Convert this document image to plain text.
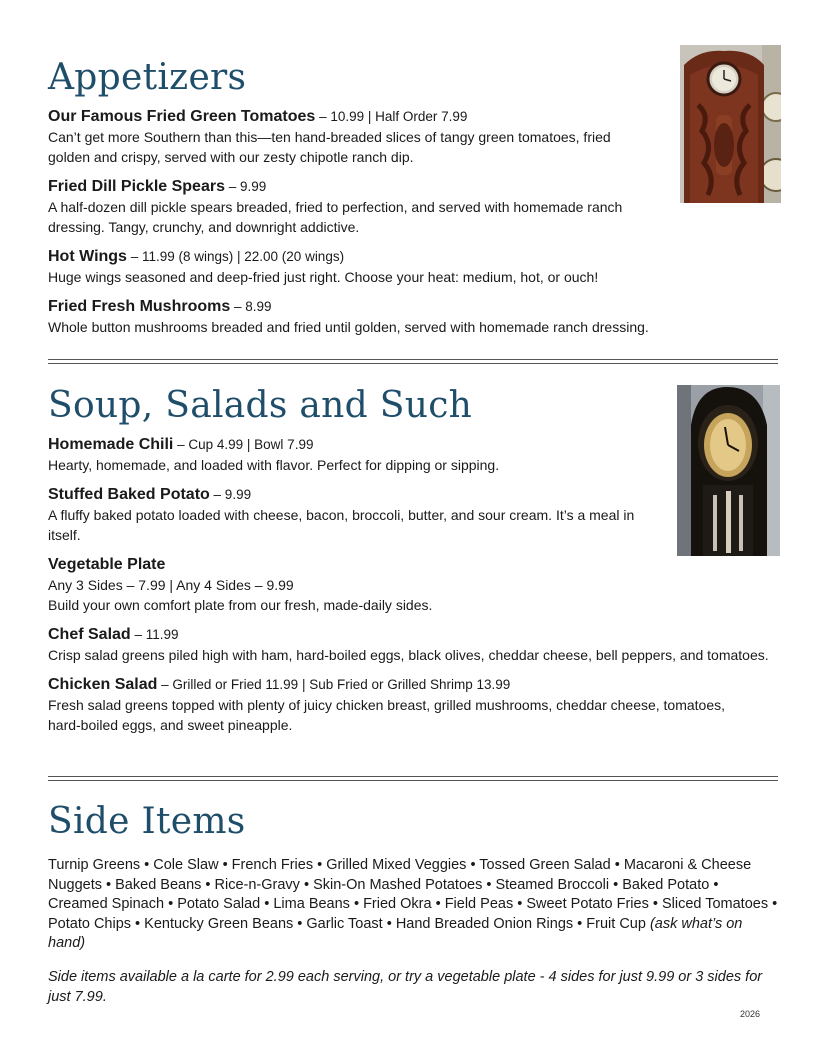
Appetizers

Our Famous Fried Green Tomatoes – 10.99 | Half Order 7.99

Can’t get more Southern than this—ten hand-breaded slices of tangy green tomatoes, fried golden and crispy, served with our zesty chipotle ranch dip.

Fried Dill Pickle Spears – 9.99

A half-dozen dill pickle spears breaded, fried to perfection, and served with homemade ranch dressing. Tangy, crunchy, and downright addictive.

Hot Wings – 11.99 (8 wings) | 22.00 (20 wings)

Huge wings seasoned and deep-fried just right. Choose your heat: medium, hot, or ouch!

Fried Fresh Mushrooms – 8.99

Whole button mushrooms breaded and fried until golden, served with homemade ranch dressing.

Soup, Salads and Such

Homemade Chili – Cup 4.99 | Bowl 7.99

Hearty, homemade, and loaded with flavor. Perfect for dipping or sipping.

Stuffed Baked Potato – 9.99

A fluffy baked potato loaded with cheese, bacon, broccoli, butter, and sour cream. It’s a meal in itself.

Vegetable Plate

Any 3 Sides – 7.99 | Any 4 Sides – 9.99

Build your own comfort plate from our fresh, made-daily sides.

Chef Salad – 11.99

Crisp salad greens piled high with ham, hard-boiled eggs, black olives, cheddar cheese, bell peppers, and tomatoes.

Chicken Salad – Grilled or Fried 11.99 | Sub Fried or Grilled Shrimp 13.99

Fresh salad greens topped with plenty of juicy chicken breast, grilled mushrooms, cheddar cheese, tomatoes, hard-boiled eggs, and sweet pineapple.

Side Items

Turnip Greens • Cole Slaw • French Fries • Grilled Mixed Veggies • Tossed Green Salad • Macaroni & Cheese Nuggets • Baked Beans • Rice-n-Gravy • Skin-On Mashed Potatoes • Steamed Broccoli • Baked Potato • Creamed Spinach • Potato Salad • Lima Beans • Fried Okra • Field Peas • Sweet Potato Fries • Sliced Tomatoes • Potato Chips • Kentucky Green Beans • Garlic Toast • Hand Breaded Onion Rings • Fruit Cup (ask what’s on hand)

Side items available a la carte for 2.99 each serving, or try a vegetable plate - 4 sides for just 9.99 or 3 sides for just 7.99.

2026
